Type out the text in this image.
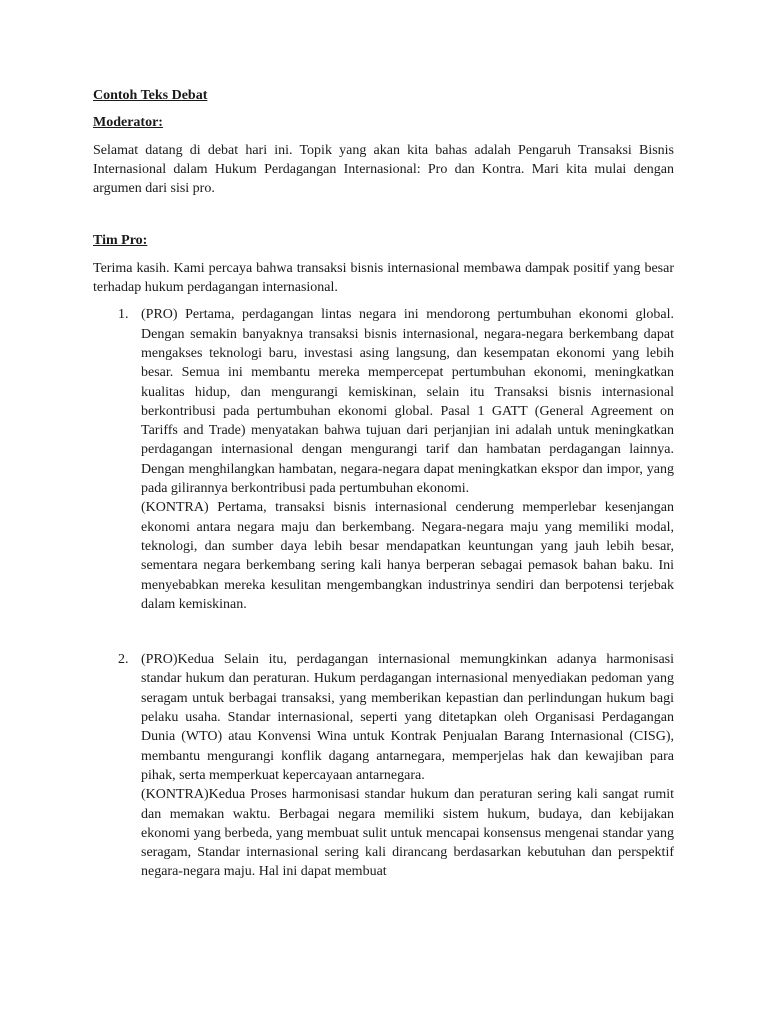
Contoh Teks Debat

Moderator:

Selamat datang di debat hari ini. Topik yang akan kita bahas adalah Pengaruh Transaksi Bisnis Internasional dalam Hukum Perdagangan Internasional: Pro dan Kontra. Mari kita mulai dengan argumen dari sisi pro.

Tim Pro:

Terima kasih. Kami percaya bahwa transaksi bisnis internasional membawa dampak positif yang besar terhadap hukum perdagangan internasional.

1. (PRO) Pertama, perdagangan lintas negara ini mendorong pertumbuhan ekonomi global. Dengan semakin banyaknya transaksi bisnis internasional, negara-negara berkembang dapat mengakses teknologi baru, investasi asing langsung, dan kesempatan ekonomi yang lebih besar. Semua ini membantu mereka mempercepat pertumbuhan ekonomi, meningkatkan kualitas hidup, dan mengurangi kemiskinan, selain itu Transaksi bisnis internasional berkontribusi pada pertumbuhan ekonomi global. Pasal 1 GATT (General Agreement on Tariffs and Trade) menyatakan bahwa tujuan dari perjanjian ini adalah untuk meningkatkan perdagangan internasional dengan mengurangi tarif dan hambatan perdagangan lainnya. Dengan menghilangkan hambatan, negara-negara dapat meningkatkan ekspor dan impor, yang pada gilirannya berkontribusi pada pertumbuhan ekonomi.

(KONTRA) Pertama, transaksi bisnis internasional cenderung memperlebar kesenjangan ekonomi antara negara maju dan berkembang. Negara-negara maju yang memiliki modal, teknologi, dan sumber daya lebih besar mendapatkan keuntungan yang jauh lebih besar, sementara negara berkembang sering kali hanya berperan sebagai pemasok bahan baku. Ini menyebabkan mereka kesulitan mengembangkan industrinya sendiri dan berpotensi terjebak dalam kemiskinan.

2. (PRO)Kedua Selain itu, perdagangan internasional memungkinkan adanya harmonisasi standar hukum dan peraturan. Hukum perdagangan internasional menyediakan pedoman yang seragam untuk berbagai transaksi, yang memberikan kepastian dan perlindungan hukum bagi pelaku usaha. Standar internasional, seperti yang ditetapkan oleh Organisasi Perdagangan Dunia (WTO) atau Konvensi Wina untuk Kontrak Penjualan Barang Internasional (CISG), membantu mengurangi konflik dagang antarnegara, memperjelas hak dan kewajiban para pihak, serta memperkuat kepercayaan antarnegara.

(KONTRA)Kedua Proses harmonisasi standar hukum dan peraturan sering kali sangat rumit dan memakan waktu. Berbagai negara memiliki sistem hukum, budaya, dan kebijakan ekonomi yang berbeda, yang membuat sulit untuk mencapai konsensus mengenai standar yang seragam, Standar internasional sering kali dirancang berdasarkan kebutuhan dan perspektif negara-negara maju. Hal ini dapat membuat
